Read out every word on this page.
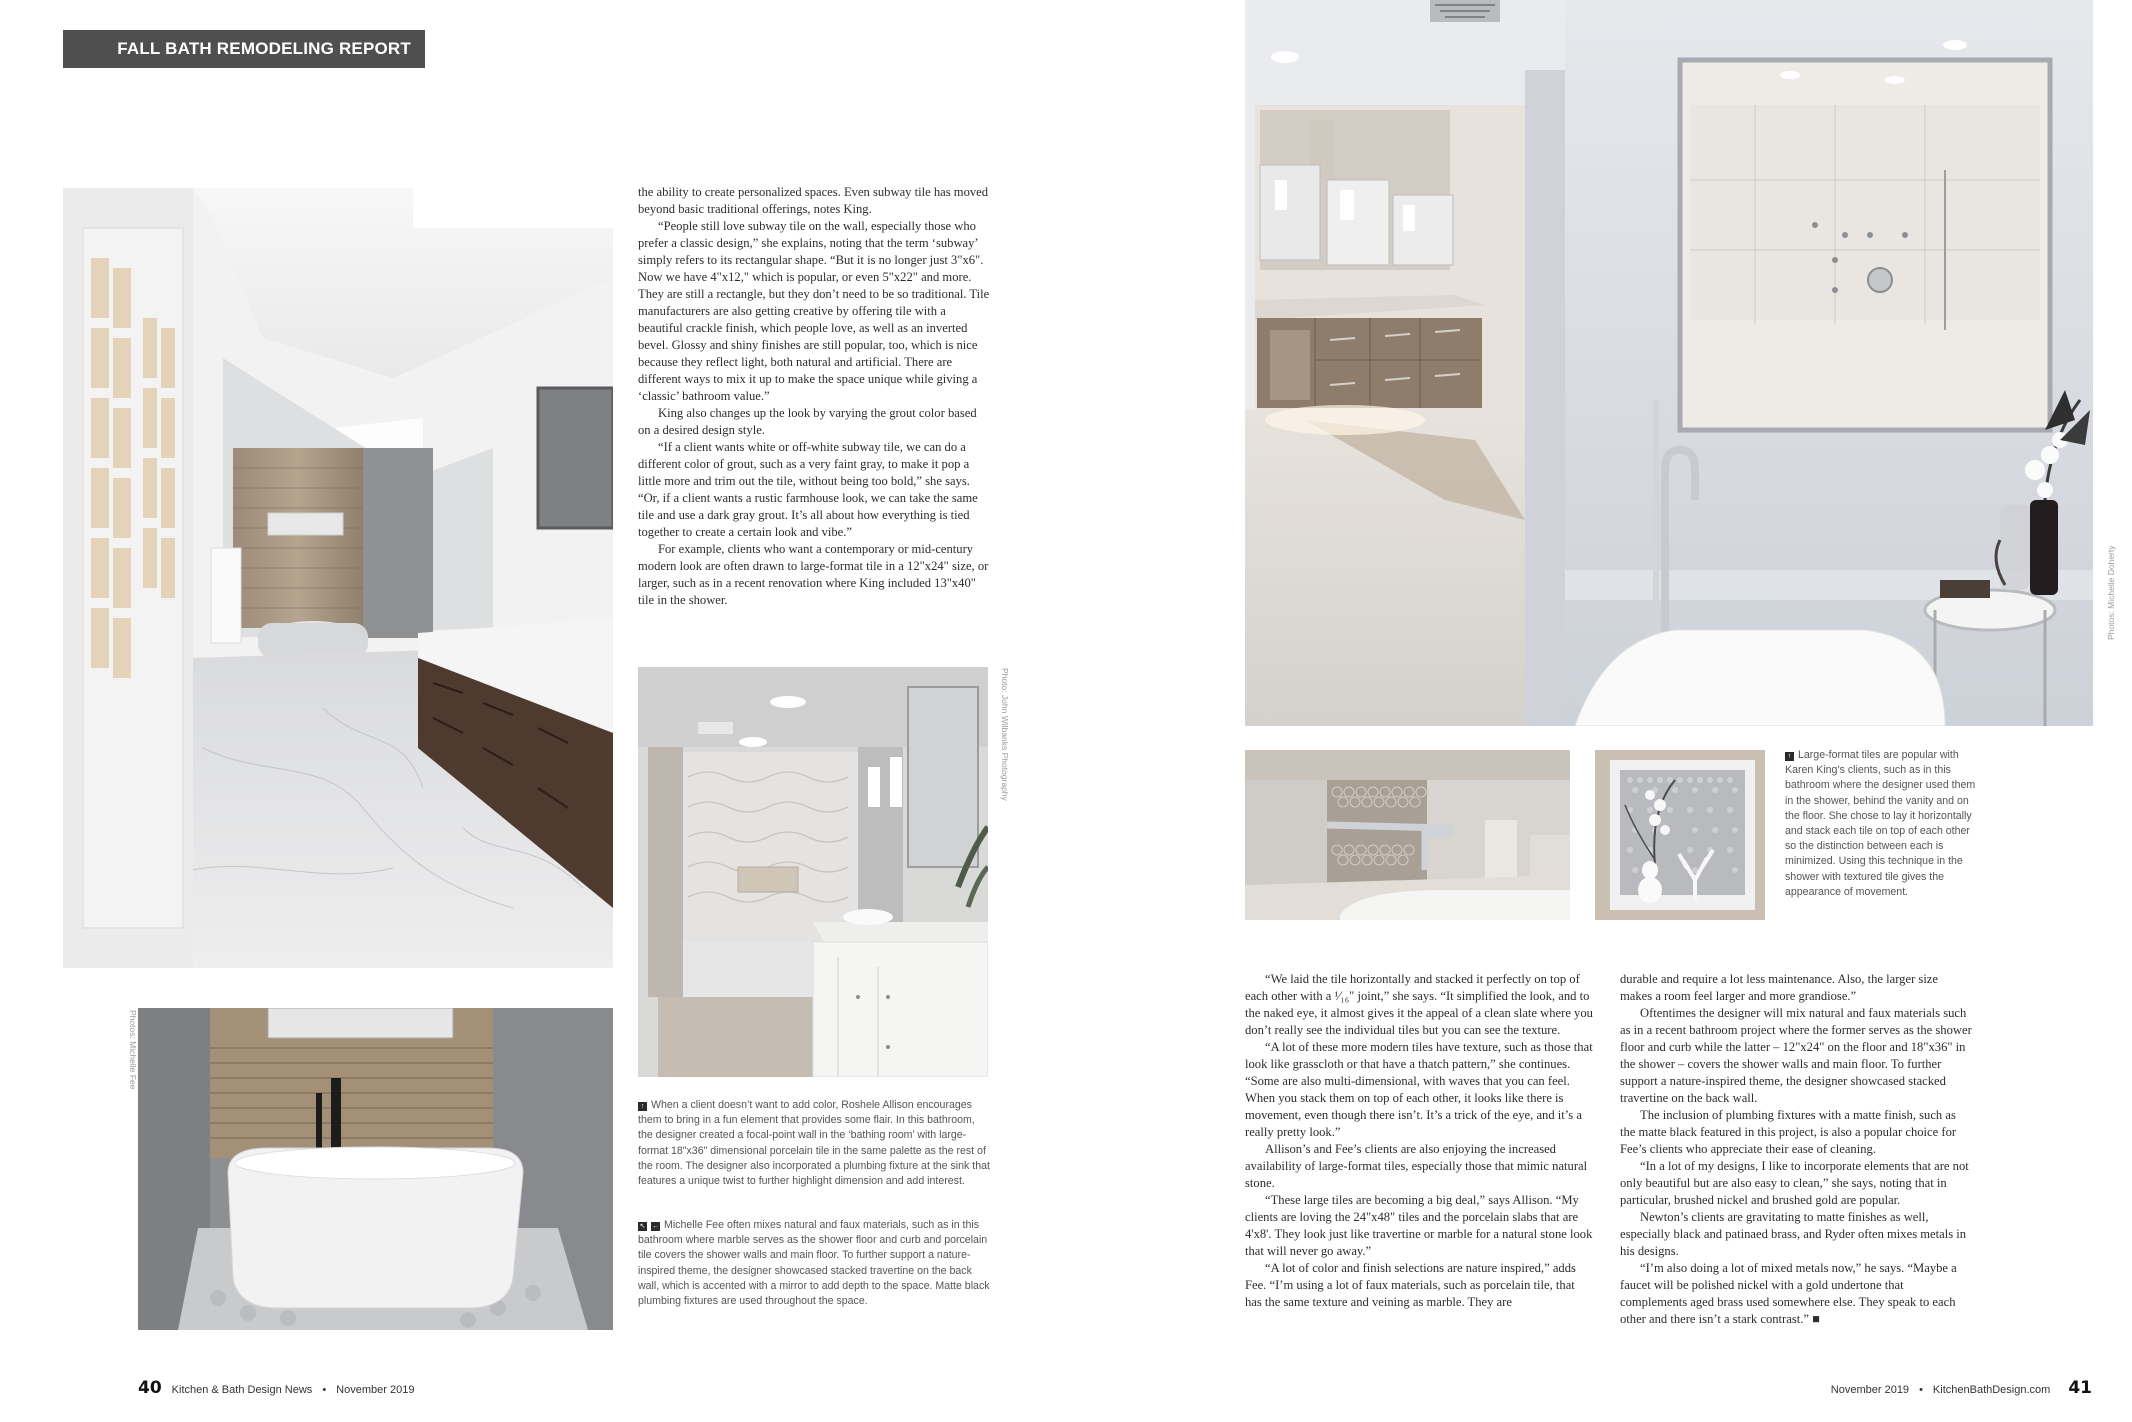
FALL BATH REMODELING REPORT
Photos: Michelle Fee

the ability to create personalized spaces. Even subway tile has moved beyond basic traditional offerings, notes King.

“People still love subway tile on the wall, especially those who prefer a classic design,” she explains, noting that the term ‘subway’ simply refers to its rectangular shape. “But it is no longer just 3"x6". Now we have 4"x12," which is popular, or even 5"x22" and more. They are still a rectangle, but they don’t need to be so traditional. Tile manufacturers are also getting creative by offering tile with a beautiful crackle finish, which people love, as well as an inverted bevel. Glossy and shiny finishes are still popular, too, which is nice because they reflect light, both natural and artificial. There are different ways to mix it up to make the space unique while giving a ‘classic’ bathroom value.”

King also changes up the look by varying the grout color based on a desired design style.

“If a client wants white or off-white subway tile, we can do a different color of grout, such as a very faint gray, to make it pop a little more and trim out the tile, without being too bold,” she says. “Or, if a client wants a rustic farmhouse look, we can take the same tile and use a dark gray grout. It’s all about how everything is tied together to create a certain look and vibe.”

For example, clients who want a contemporary or mid-century modern look are often drawn to large-format tile in a 12"x24" size, or larger, such as in a recent renovation where King included 13"x40" tile in the shower.

Photo: John Wilbanks Photography

↑ When a client doesn’t want to add color, Roshele Allison encourages them to bring in a fun element that provides some flair. In this bathroom, the designer created a focal-point wall in the ‘bathing room’ with large-format 18"x36" dimensional porcelain tile in the same palette as the rest of the room. The designer also incorporated a plumbing fixture at the sink that features a unique twist to further highlight dimension and add interest.

↖ ← Michelle Fee often mixes natural and faux materials, such as in this bathroom where marble serves as the shower floor and curb and porcelain tile covers the shower walls and main floor. To further support a nature-inspired theme, the designer showcased stacked travertine on the back wall, which is accented with a mirror to add depth to the space. Matte black plumbing fixtures are used throughout the space.

40 Kitchen & Bath Design News • November 2019
Photos: Michelle Doherty

↑ Large-format tiles are popular with Karen King’s clients, such as in this bathroom where the designer used them in the shower, behind the vanity and on the floor. She chose to lay it horizontally and stack each tile on top of each other so the distinction between each is minimized. Using this technique in the shower with textured tile gives the appearance of movement.

“We laid the tile horizontally and stacked it perfectly on top of each other with a ¹⁄₁₆" joint,” she says. “It simplified the look, and to the naked eye, it almost gives it the appeal of a clean slate where you don’t really see the individual tiles but you can see the texture.

“A lot of these more modern tiles have texture, such as those that look like grasscloth or that have a thatch pattern,” she continues. “Some are also multi-dimensional, with waves that you can feel. When you stack them on top of each other, it looks like there is movement, even though there isn’t. It’s a trick of the eye, and it’s a really pretty look.”

Allison’s and Fee’s clients are also enjoying the increased availability of large-format tiles, especially those that mimic natural stone.

“These large tiles are becoming a big deal,” says Allison. “My clients are loving the 24"x48" tiles and the porcelain slabs that are 4'x8'. They look just like travertine or marble for a natural stone look that will never go away.”

“A lot of color and finish selections are nature inspired,” adds Fee. “I’m using a lot of faux materials, such as porcelain tile, that has the same texture and veining as marble. They are

durable and require a lot less maintenance. Also, the larger size makes a room feel larger and more grandiose.”

Oftentimes the designer will mix natural and faux materials such as in a recent bathroom project where the former serves as the shower floor and curb while the latter – 12"x24" on the floor and 18"x36" in the shower – covers the shower walls and main floor. To further support a nature-inspired theme, the designer showcased stacked travertine on the back wall.

The inclusion of plumbing fixtures with a matte finish, such as the matte black featured in this project, is also a popular choice for Fee’s clients who appreciate their ease of cleaning.

“In a lot of my designs, I like to incorporate elements that are not only beautiful but are also easy to clean,” she says, noting that in particular, brushed nickel and brushed gold are popular.

Newton’s clients are gravitating to matte finishes as well, especially black and patinaed brass, and Ryder often mixes metals in his designs.

“I’m also doing a lot of mixed metals now,” he says. “Maybe a faucet will be polished nickel with a gold undertone that complements aged brass used somewhere else. They speak to each other and there isn’t a stark contrast.” ■

November 2019 • KitchenBathDesign.com 41
